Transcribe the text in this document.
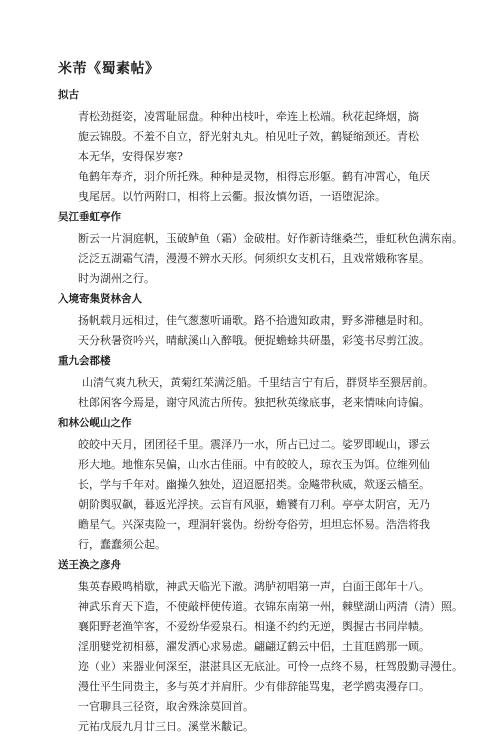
米芾《蜀素帖》
拟古
青松劲挺姿，凌霄耻屈盘。种种出枝叶，牵连上松端。秋花起绛烟，旖
旎云锦殷。不羞不自立，舒光射丸丸。柏见吐子效，鹤疑缩颈还。青松
本无华，安得保岁寒?
龟鹤年寿齐，羽介所托殊。种种是灵物，相得忘形躯。鹤有冲霄心，龟厌
曳尾居。以竹两附口，相将上云衢。报汝慎勿语，一语堕泥涂。
吴江垂虹亭作
断云一片洞庭帆，玉破鲈鱼（霜）金破柑。好作新诗继桑苎，垂虹秋色满东南。
泛泛五湖霜气清，漫漫不辨水天形。何须织女支机石，且戏常娥称客星。
时为湖州之行。
入境寄集贤林舍人
扬帆载月远相过，佳气葱葱听诵歌。路不拾遗知政肃，野多滞穗是时和。
天分秋暑资吟兴，晴献溪山入醉哦。便捉蟾蜍共研墨，彩笺书尽剪江波。
重九会郡楼
山清气爽九秋天，黄菊红茱满泛船。千里结言宁有后，群贤毕至猥居前。
杜郎闲客今焉是，谢守风流古所传。独把秋英缘底事，老来情味向诗偏。
和林公岘山之作
皎皎中天月，团团径千里。震泽乃一水，所占已过二。娑罗即岘山，谬云
形大地。地惟东吴偏，山水古佳丽。中有皎皎人，琼衣玉为饵。位维列仙
长，学与千年对。幽操久独处，迢迢愿招类。金飚带秋威，欻逐云樯至。
朝阶舆驭飙，暮返光浮挟。云盲有风驱，蟾饕有刀利。亭亭太阴宫，无乃
瞻星气。兴深夷险一，理洞轩裳伪。纷纷夸俗劳，坦坦忘怀易。浩浩将我
行，蠢蠢须公起。
送王涣之彦舟
集英春殿鸣梢歇，神武天临光下澈。鸿胪初唱第一声，白面王郎年十八。
神武乐育天下造，不使敲枰使传道。衣锦东南第一州，棘壁湖山两清（清）照。
襄阳野老渔竿客，不爱纷华爱泉石。相逢不约约无逆，舆握古书同岸帻。
淫朋嬖党初相慕，濯发洒心求易虑。翩翩辽鹤云中侣，土苴尫鸥那一顾。
迩（业）来器业何深至，湛湛具区无底沚。可怜一点终不易，枉驾殷勤寻漫仕。
漫仕平生同贵主，多与英才并肩肝。少有俳辞能骂鬼，老学鸥夷漫存口。
一官聊具三径资，取舍殊涂莫回首。
元祐戊辰九月廿三日。溪堂米黻记。
